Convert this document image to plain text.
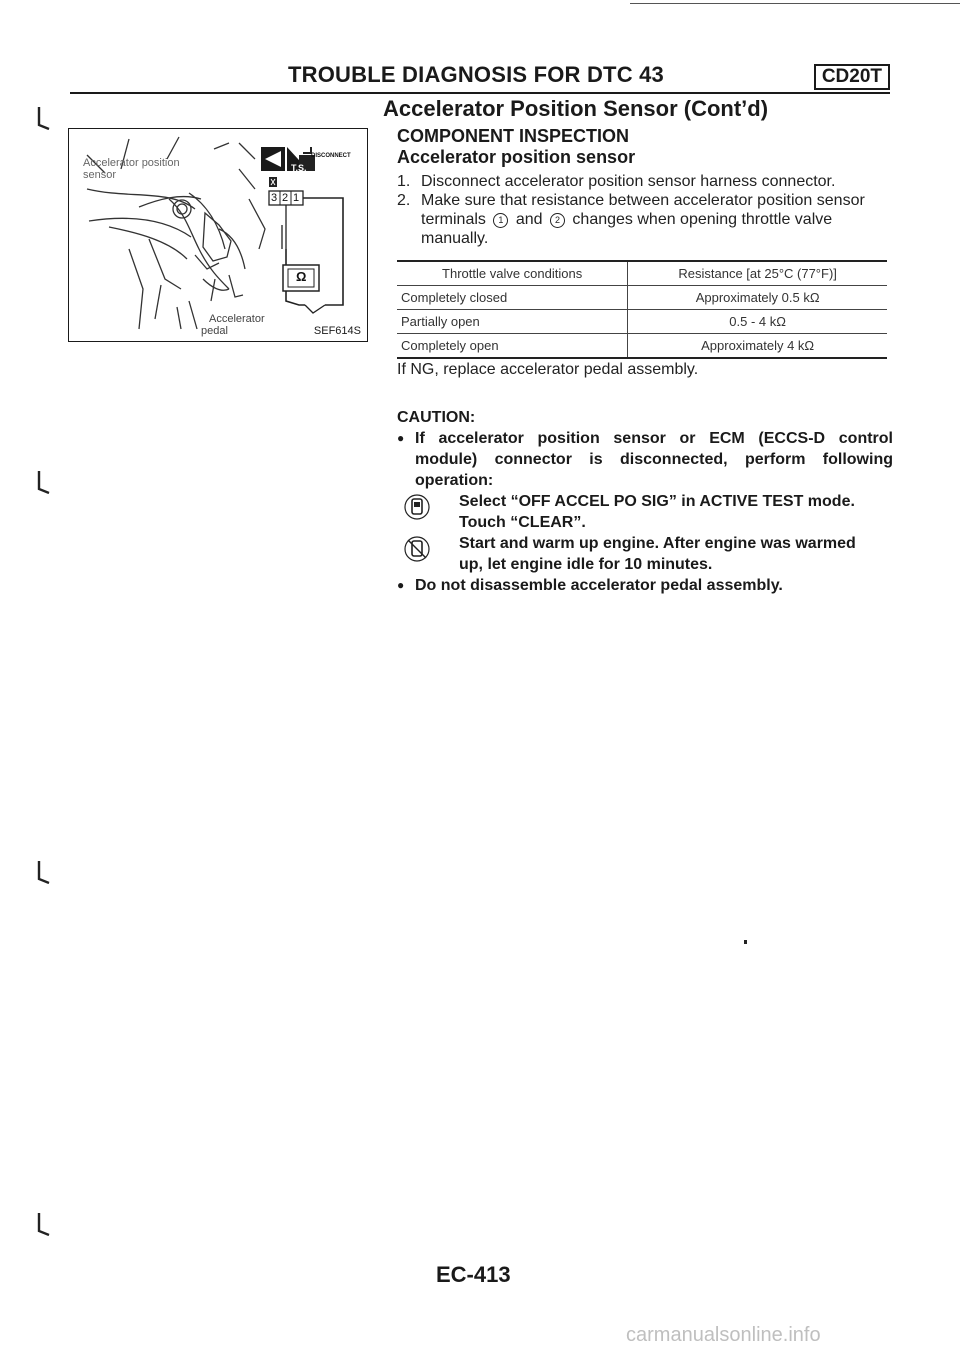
TROUBLE DIAGNOSIS FOR DTC 43	CD20T
Accelerator position
sensor
Accelerator
pedal
DISCONNECT
T.S.
3 2 1
Ω
SEF614S
Accelerator Position Sensor (Cont’d)
COMPONENT INSPECTION
Accelerator position sensor
1. Disconnect accelerator position sensor harness connector.
2. Make sure that resistance between accelerator position sensor terminals 1 and 2 changes when opening throttle valve manually.
Throttle valve conditions	Resistance [at 25°C (77°F)]
Completely closed	Approximately 0.5 kΩ
Partially open	0.5 - 4 kΩ
Completely open	Approximately 4 kΩ
If NG, replace accelerator pedal assembly.
CAUTION:
● If accelerator position sensor or ECM (ECCS-D control module) connector is disconnected, perform following operation:
Select “OFF ACCEL PO SIG” in ACTIVE TEST mode.
Touch “CLEAR”.
Start and warm up engine. After engine was warmed
up, let engine idle for 10 minutes.
● Do not disassemble accelerator pedal assembly.
EC-413
carmanualsonline.info
